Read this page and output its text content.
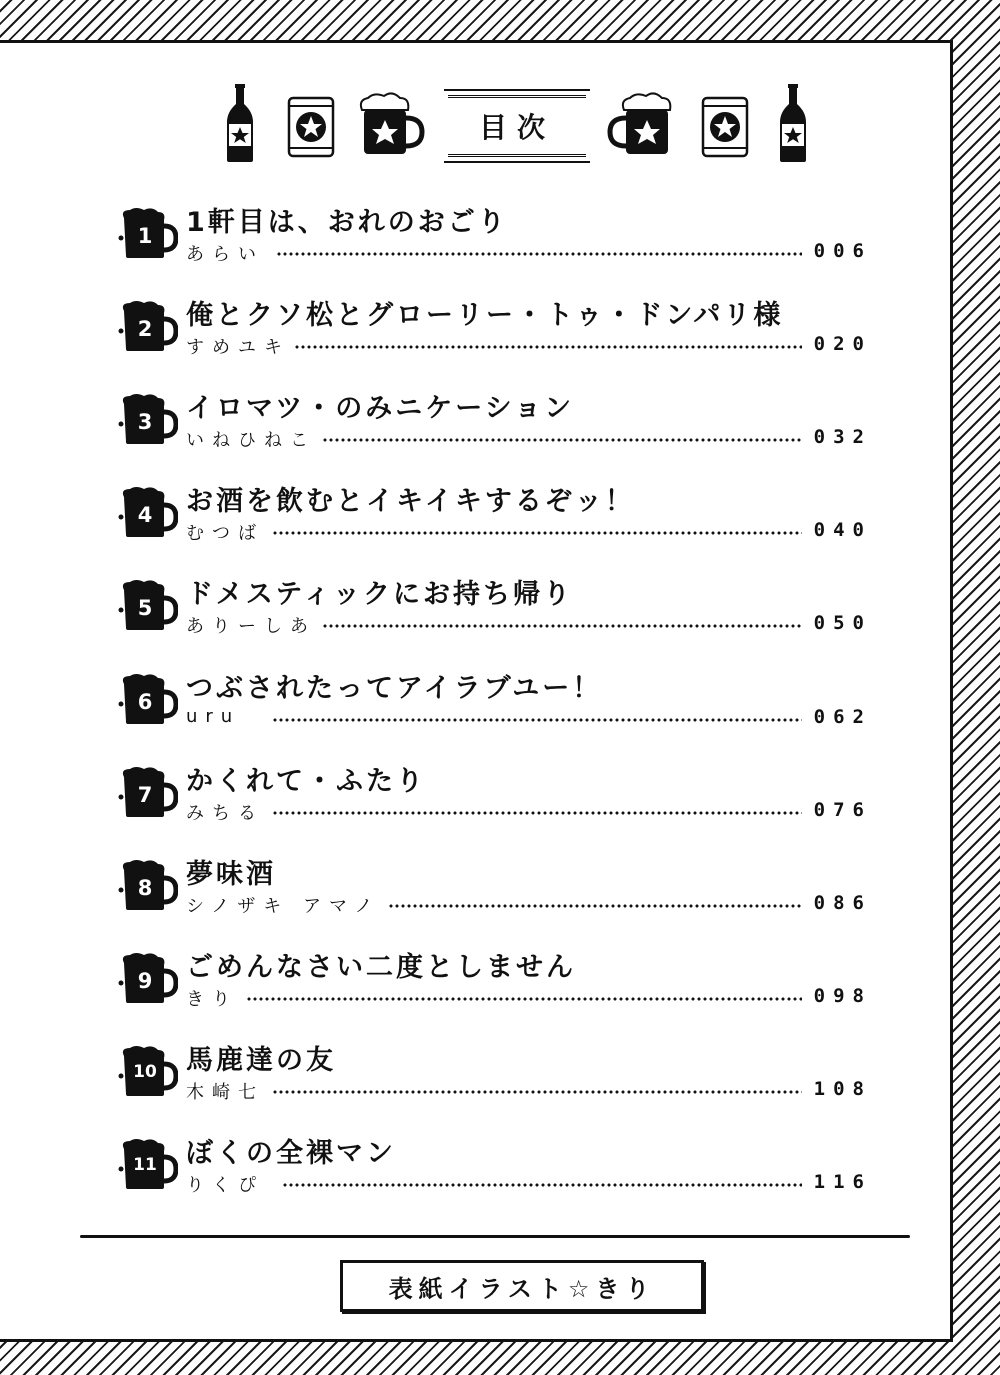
目次
1	1軒目は、おれのおごり
あらい	006
2	俺とクソ松とグローリー・トゥ・ドンパリ様
すめユキ	020
3	イロマツ・のみニケーション
いねひねこ	032
4	お酒を飲むとイキイキするぞッ！
むつば	040
5	ドメスティックにお持ち帰り
ありーしあ	050
6	つぶされたってアイラブユー！
uru	062
7	かくれて・ふたり
みちる	076
8	夢味酒
シノザキ アマノ	086
9	ごめんなさい二度としません
きり	098
10 馬鹿達の友
木崎七	108
11 ぼくの全裸マン
りくぴ	116
表紙イラスト☆きり
